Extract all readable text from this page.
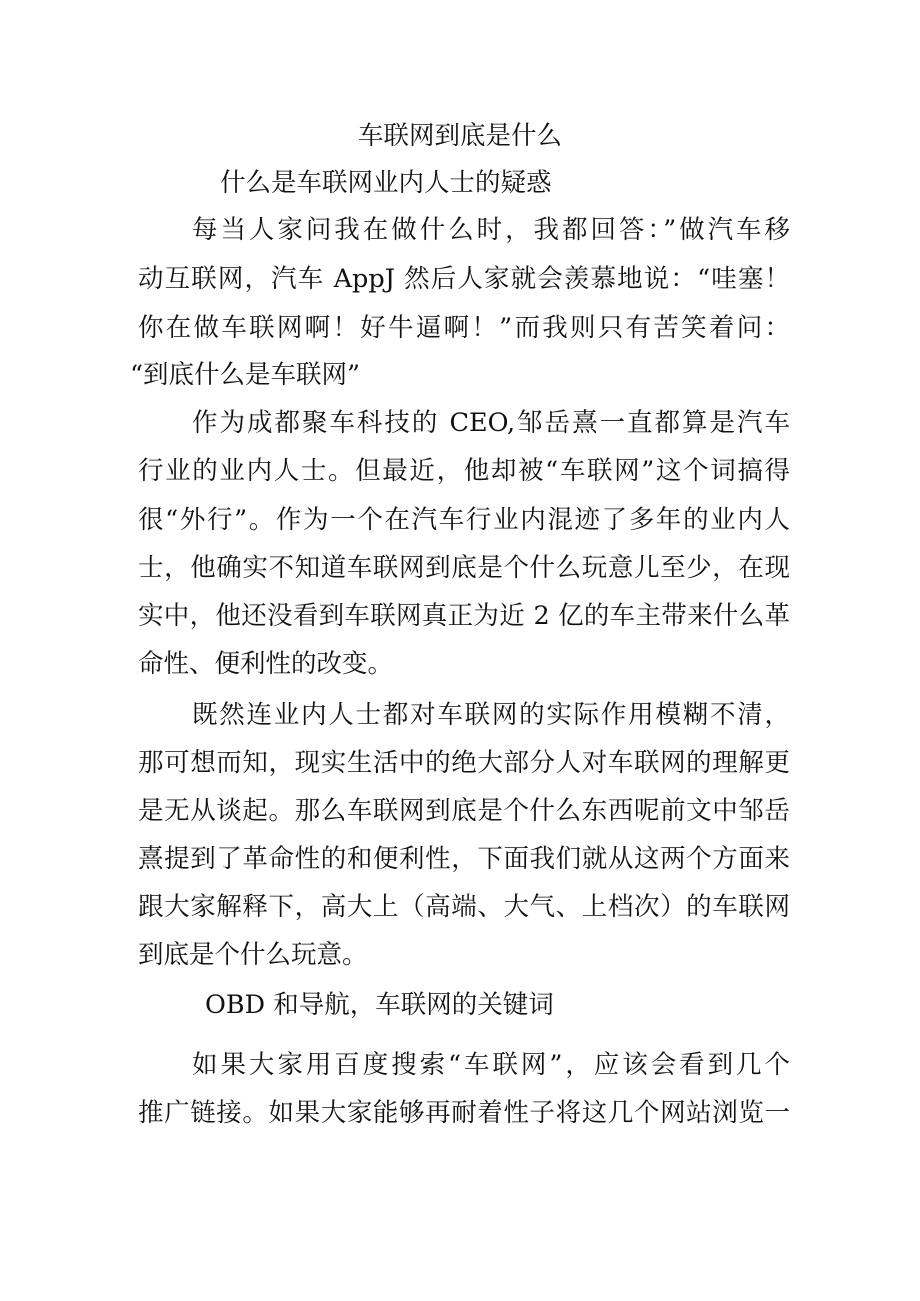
车联网到底是什么
什么是车联网业内人士的疑惑
每当人家问我在做什么时，我都回答：”做汽车移
动互联网，汽车 AppJ 然后人家就会羡慕地说：“哇塞！
你在做车联网啊！好牛逼啊！”而我则只有苦笑着问：
“到底什么是车联网”
作为成都聚车科技的 CEO,邹岳熹一直都算是汽车
行业的业内人士。但最近，他却被“车联网”这个词搞得
很“外行”。作为一个在汽车行业内混迹了多年的业内人
士，他确实不知道车联网到底是个什么玩意儿至少，在现
实中，他还没看到车联网真正为近 2 亿的车主带来什么革
命性、便利性的改变。
既然连业内人士都对车联网的实际作用模糊不清，
那可想而知，现实生活中的绝大部分人对车联网的理解更
是无从谈起。那么车联网到底是个什么东西呢前文中邹岳
熹提到了革命性的和便利性，下面我们就从这两个方面来
跟大家解释下，高大上（高端、大气、上档次）的车联网
到底是个什么玩意。
OBD 和导航，车联网的关键词
如果大家用百度搜索“车联网”，应该会看到几个
推广链接。如果大家能够再耐着性子将这几个网站浏览一
